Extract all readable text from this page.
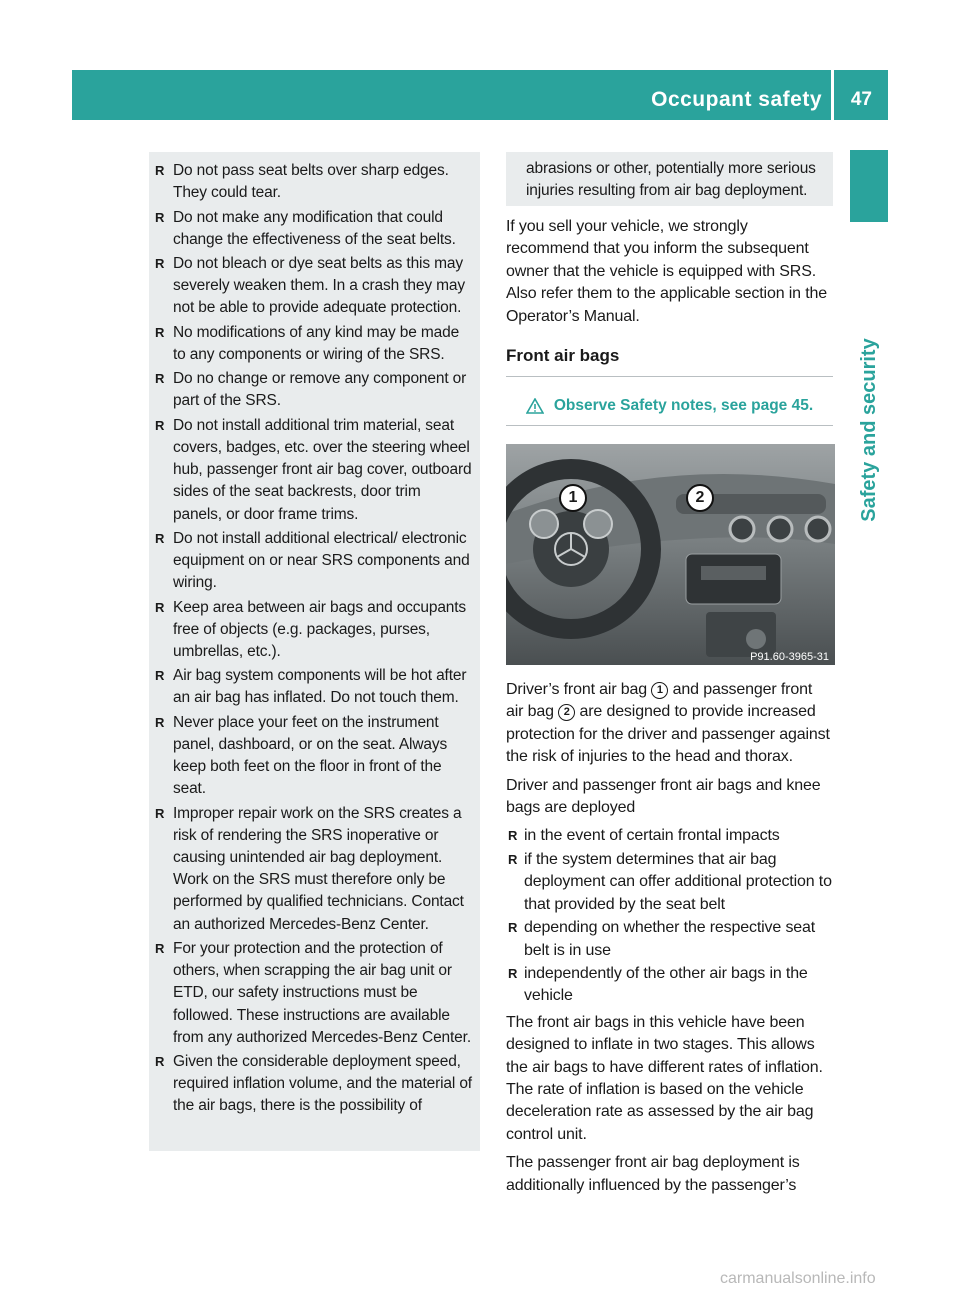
Occupant safety 47
Safety and security
R Do not pass seat belts over sharp edges. They could tear.
R Do not make any modification that could change the effectiveness of the seat belts.
R Do not bleach or dye seat belts as this may severely weaken them. In a crash they may not be able to provide adequate protection.
R No modifications of any kind may be made to any components or wiring of the SRS.
R Do no change or remove any component or part of the SRS.
R Do not install additional trim material, seat covers, badges, etc. over the steering wheel hub, passenger front air bag cover, outboard sides of the seat backrests, door trim panels, or door frame trims.
R Do not install additional electrical/ electronic equipment on or near SRS components and wiring.
R Keep area between air bags and occupants free of objects (e.g. packages, purses, umbrellas, etc.).
R Air bag system components will be hot after an air bag has inflated. Do not touch them.
R Never place your feet on the instrument panel, dashboard, or on the seat. Always keep both feet on the floor in front of the seat.
R Improper repair work on the SRS creates a risk of rendering the SRS inoperative or causing unintended air bag deployment. Work on the SRS must therefore only be performed by qualified technicians. Contact an authorized Mercedes-Benz Center.
R For your protection and the protection of others, when scrapping the air bag unit or ETD, our safety instructions must be followed. These instructions are available from any authorized Mercedes-Benz Center.
R Given the considerable deployment speed, required inflation volume, and the material of the air bags, there is the possibility of
abrasions or other, potentially more serious injuries resulting from air bag deployment.

If you sell your vehicle, we strongly recommend that you inform the subsequent owner that the vehicle is equipped with SRS. Also refer them to the applicable section in the Operator’s Manual.

Front air bags
Observe Safety notes, see page 45.
1	2
P91.60-3965-31

Driver’s front air bag 1 and passenger front air bag 2 are designed to provide increased protection for the driver and passenger against the risk of injuries to the head and thorax.

Driver and passenger front air bags and knee bags are deployed

R in the event of certain frontal impacts
R if the system determines that air bag deployment can offer additional protection to that provided by the seat belt
R depending on whether the respective seat belt is in use
R independently of the other air bags in the vehicle

The front air bags in this vehicle have been designed to inflate in two stages. This allows the air bags to have different rates of inflation. The rate of inflation is based on the vehicle deceleration rate as assessed by the air bag control unit.

The passenger front air bag deployment is additionally influenced by the passenger’s

carmanualsonline.info
